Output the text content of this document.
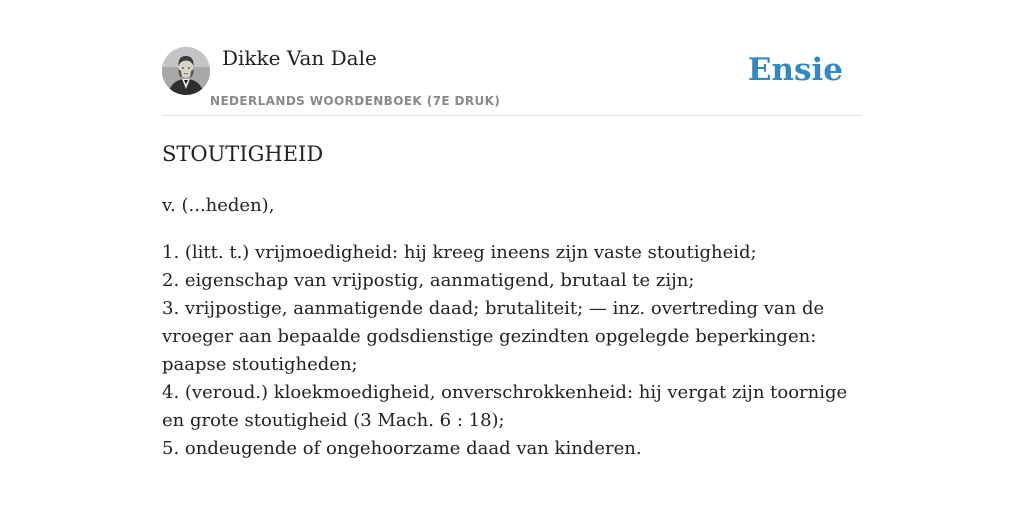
Dikke Van Dale
NEDERLANDS WOORDENBOEK (7E DRUK)
Ensie
STOUTIGHEID
v. (...heden),
1. (litt. t.) vrijmoedigheid: hij kreeg ineens zijn vaste stoutigheid;
2. eigenschap van vrijpostig, aanmatigend, brutaal te zijn;
3. vrijpostige, aanmatigende daad; brutaliteit; — inz. overtreding van de vroeger aan bepaalde godsdienstige gezindten opgelegde beperkingen: paapse stoutigheden;
4. (veroud.) kloekmoedigheid, onverschrokkenheid: hij vergat zijn toornige en grote stoutigheid (3 Mach. 6 : 18);
5. ondeugende of ongehoorzame daad van kinderen.
